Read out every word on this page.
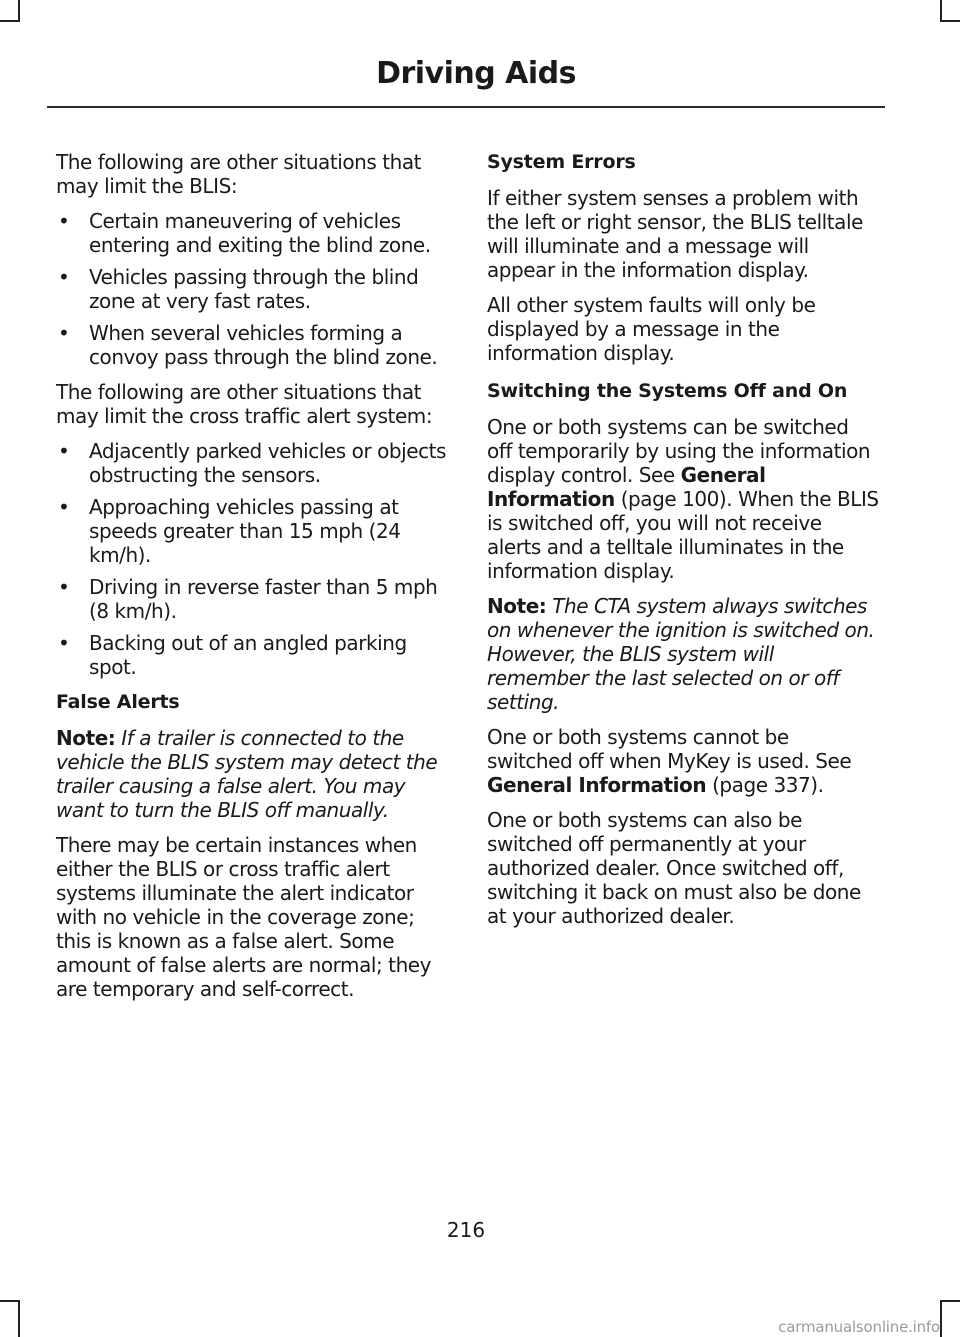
Driving Aids

The following are other situations that may limit the BLIS:

• Certain maneuvering of vehicles entering and exiting the blind zone.
• Vehicles passing through the blind zone at very fast rates.
• When several vehicles forming a convoy pass through the blind zone.

The following are other situations that may limit the cross traffic alert system:

• Adjacently parked vehicles or objects obstructing the sensors.
• Approaching vehicles passing at speeds greater than 15 mph (24 km/h).
• Driving in reverse faster than 5 mph (8 km/h).
• Backing out of an angled parking spot.
False Alerts

Note: If a trailer is connected to the vehicle the BLIS system may detect the trailer causing a false alert. You may want to turn the BLIS off manually.

There may be certain instances when either the BLIS or cross traffic alert systems illuminate the alert indicator with no vehicle in the coverage zone; this is known as a false alert. Some amount of false alerts are normal; they are temporary and self-correct.

System Errors

If either system senses a problem with the left or right sensor, the BLIS telltale will illuminate and a message will appear in the information display.

All other system faults will only be displayed by a message in the information display.

Switching the Systems Off and On

One or both systems can be switched off temporarily by using the information display control. See General Information (page 100). When the BLIS is switched off, you will not receive alerts and a telltale illuminates in the information display.

Note: The CTA system always switches on whenever the ignition is switched on. However, the BLIS system will remember the last selected on or off setting.

One or both systems cannot be switched off when MyKey is used. See General Information (page 337).

One or both systems can also be switched off permanently at your authorized dealer. Once switched off, switching it back on must also be done at your authorized dealer.

216
carmanualsonline.info
